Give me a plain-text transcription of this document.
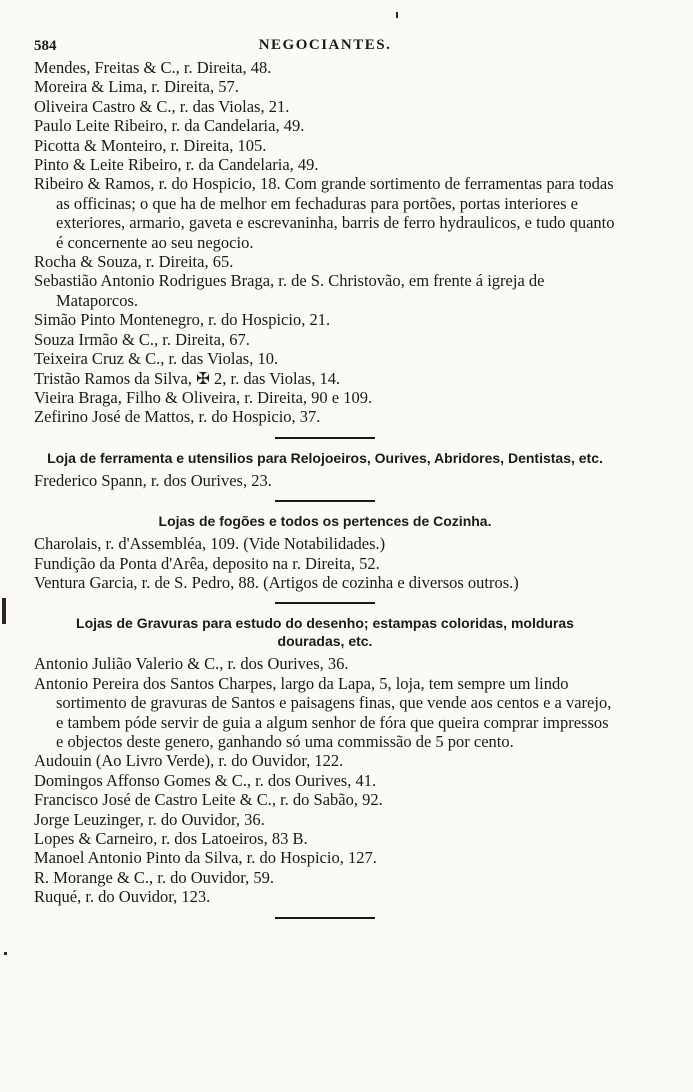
584	NEGOCIANTES.
Mendes, Freitas & C., r. Direita, 48.
Moreira & Lima, r. Direita, 57.
Oliveira Castro & C., r. das Violas, 21.
Paulo Leite Ribeiro, r. da Candelaria, 49.
Picotta & Monteiro, r. Direita, 105.
Pinto & Leite Ribeiro, r. da Candelaria, 49.
Ribeiro & Ramos, r. do Hospicio, 18. Com grande sortimento de ferramentas para todas as officinas; o que ha de melhor em fechaduras para portões, portas interiores e exteriores, armario, gaveta e escrevaninha, barris de ferro hydraulicos, e tudo quanto é concernente ao seu negocio.
Rocha & Souza, r. Direita, 65.
Sebastião Antonio Rodrigues Braga, r. de S. Christovão, em frente á igreja de Mataporcos.
Simão Pinto Montenegro, r. do Hospicio, 21.
Souza Irmão & C., r. Direita, 67.
Teixeira Cruz & C., r. das Violas, 10.
Tristão Ramos da Silva, ✠ 2, r. das Violas, 14.
Vieira Braga, Filho & Oliveira, r. Direita, 90 e 109.
Zefirino José de Mattos, r. do Hospicio, 37.
Loja de ferramenta e utensilios para Relojoeiros, Ourives, Abridores, Dentistas, etc.
Frederico Spann, r. dos Ourives, 23.
Lojas de fogões e todos os pertences de Cozinha.
Charolais, r. d'Assembléa, 109. (Vide Notabilidades.)
Fundição da Ponta d'Arêa, deposito na r. Direita, 52.
Ventura Garcia, r. de S. Pedro, 88. (Artigos de cozinha e diversos outros.)
Lojas de Gravuras para estudo do desenho; estampas coloridas, molduras douradas, etc.
Antonio Julião Valerio & C., r. dos Ourives, 36.
Antonio Pereira dos Santos Charpes, largo da Lapa, 5, loja, tem sempre um lindo sortimento de gravuras de Santos e paisagens finas, que vende aos centos e a varejo, e tambem póde servir de guia a algum senhor de fóra que queira comprar impressos e objectos deste genero, ganhando só uma commissão de 5 por cento.
Audouin (Ao Livro Verde), r. do Ouvidor, 122.
Domingos Affonso Gomes & C., r. dos Ourives, 41.
Francisco José de Castro Leite & C., r. do Sabão, 92.
Jorge Leuzinger, r. do Ouvidor, 36.
Lopes & Carneiro, r. dos Latoeiros, 83 B.
Manoel Antonio Pinto da Silva, r. do Hospicio, 127.
R. Morange & C., r. do Ouvidor, 59.
Ruqué, r. do Ouvidor, 123.
